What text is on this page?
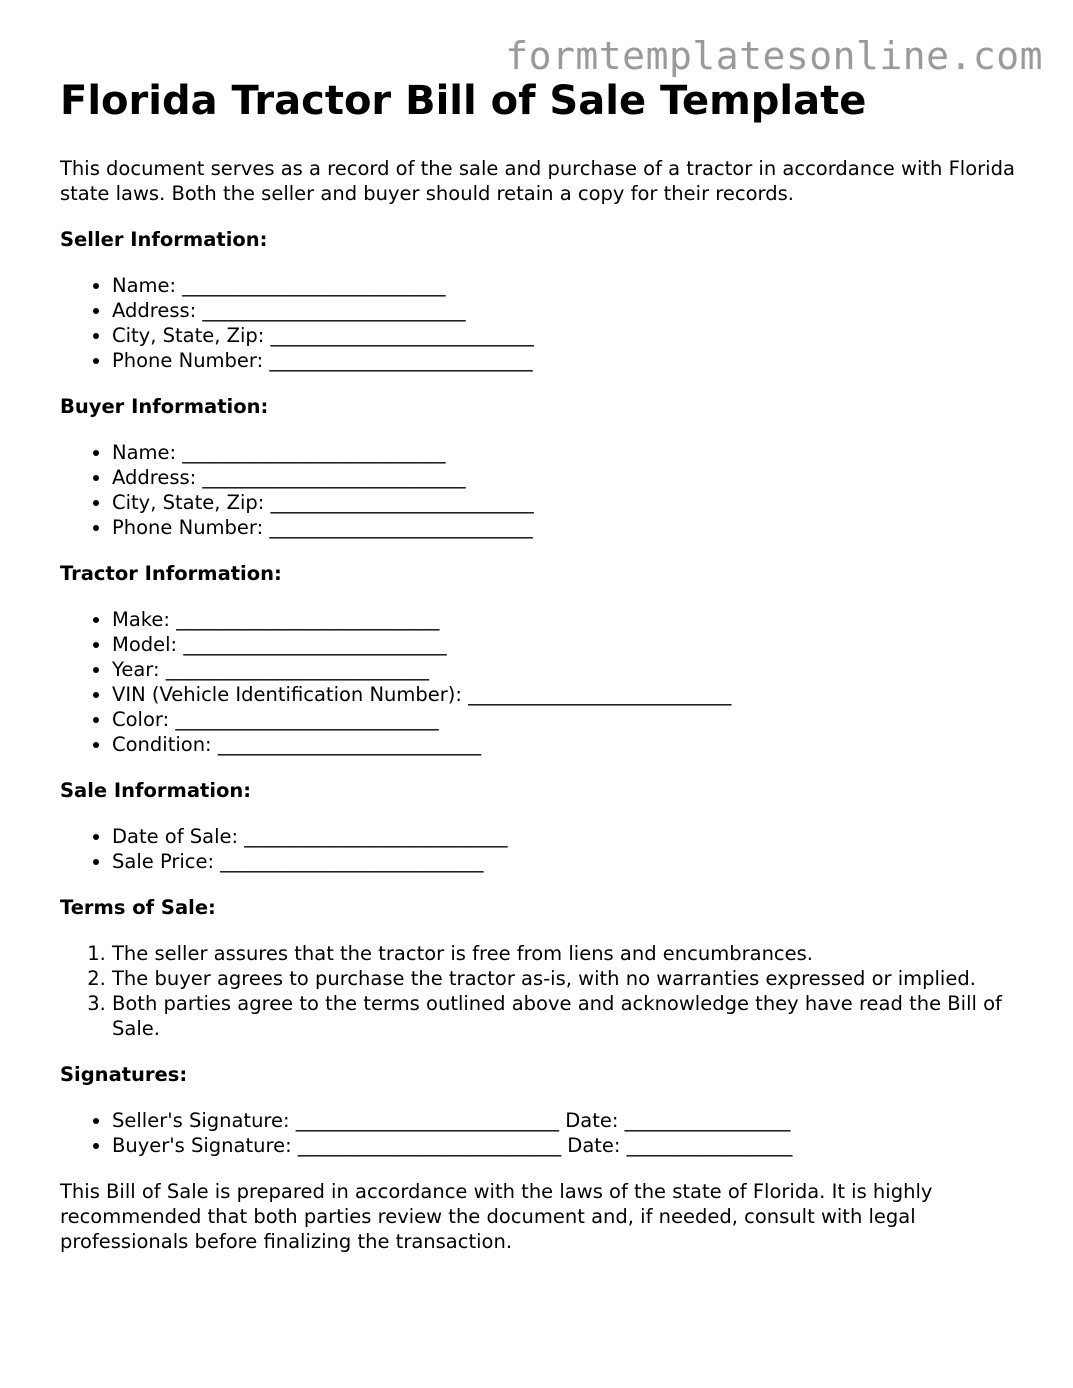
formtemplatesonline.com
Florida Tractor Bill of Sale Template

This document serves as a record of the sale and purchase of a tractor in accordance with Florida state laws. Both the seller and buyer should retain a copy for their records.

Seller Information:
• Name: ___________________________
• Address: ___________________________
• City, State, Zip: ___________________________
• Phone Number: ___________________________
Buyer Information:
• Name: ___________________________
• Address: ___________________________
• City, State, Zip: ___________________________
• Phone Number: ___________________________
Tractor Information:
• Make: ___________________________
• Model: ___________________________
• Year: ___________________________
• VIN (Vehicle Identification Number): ___________________________
• Color: ___________________________
• Condition: ___________________________
Sale Information:
• Date of Sale: ___________________________
• Sale Price: ___________________________
Terms of Sale:
1. The seller assures that the tractor is free from liens and encumbrances.
2. The buyer agrees to purchase the tractor as-is, with no warranties expressed or implied.
3. Both parties agree to the terms outlined above and acknowledge they have read the Bill of Sale.
Signatures:
• Seller's Signature: ___________________________ Date: _________________
• Buyer's Signature: ___________________________ Date: _________________

This Bill of Sale is prepared in accordance with the laws of the state of Florida. It is highly recommended that both parties review the document and, if needed, consult with legal professionals before finalizing the transaction.
